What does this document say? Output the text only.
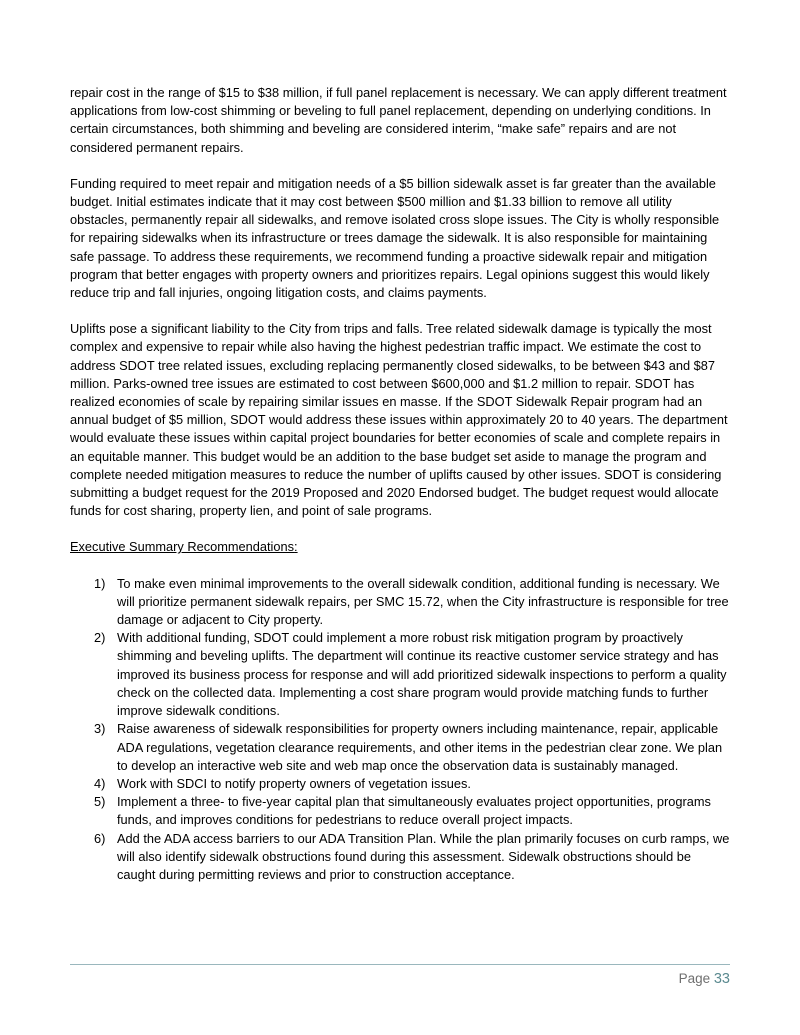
repair cost in the range of $15 to $38 million, if full panel replacement is necessary. We can apply different treatment applications from low-cost shimming or beveling to full panel replacement, depending on underlying conditions. In certain circumstances, both shimming and beveling are considered interim, “make safe” repairs and are not considered permanent repairs.

Funding required to meet repair and mitigation needs of a $5 billion sidewalk asset is far greater than the available budget. Initial estimates indicate that it may cost between $500 million and $1.33 billion to remove all utility obstacles, permanently repair all sidewalks, and remove isolated cross slope issues. The City is wholly responsible for repairing sidewalks when its infrastructure or trees damage the sidewalk. It is also responsible for maintaining safe passage. To address these requirements, we recommend funding a proactive sidewalk repair and mitigation program that better engages with property owners and prioritizes repairs. Legal opinions suggest this would likely reduce trip and fall injuries, ongoing litigation costs, and claims payments.

Uplifts pose a significant liability to the City from trips and falls. Tree related sidewalk damage is typically the most complex and expensive to repair while also having the highest pedestrian traffic impact. We estimate the cost to address SDOT tree related issues, excluding replacing permanently closed sidewalks, to be between $43 and $87 million. Parks-owned tree issues are estimated to cost between $600,000 and $1.2 million to repair. SDOT has realized economies of scale by repairing similar issues en masse. If the SDOT Sidewalk Repair program had an annual budget of $5 million, SDOT would address these issues within approximately 20 to 40 years. The department would evaluate these issues within capital project boundaries for better economies of scale and complete repairs in an equitable manner. This budget would be an addition to the base budget set aside to manage the program and complete needed mitigation measures to reduce the number of uplifts caused by other issues. SDOT is considering submitting a budget request for the 2019 Proposed and 2020 Endorsed budget. The budget request would allocate funds for cost sharing, property lien, and point of sale programs.

Executive Summary Recommendations:

1) To make even minimal improvements to the overall sidewalk condition, additional funding is necessary. We will prioritize permanent sidewalk repairs, per SMC 15.72, when the City infrastructure is responsible for tree damage or adjacent to City property.
2) With additional funding, SDOT could implement a more robust risk mitigation program by proactively shimming and beveling uplifts. The department will continue its reactive customer service strategy and has improved its business process for response and will add prioritized sidewalk inspections to perform a quality check on the collected data. Implementing a cost share program would provide matching funds to further improve sidewalk conditions.
3) Raise awareness of sidewalk responsibilities for property owners including maintenance, repair, applicable ADA regulations, vegetation clearance requirements, and other items in the pedestrian clear zone. We plan to develop an interactive web site and web map once the observation data is sustainably managed.
4) Work with SDCI to notify property owners of vegetation issues.
5) Implement a three- to five-year capital plan that simultaneously evaluates project opportunities, programs funds, and improves conditions for pedestrians to reduce overall project impacts.
6) Add the ADA access barriers to our ADA Transition Plan. While the plan primarily focuses on curb ramps, we will also identify sidewalk obstructions found during this assessment. Sidewalk obstructions should be caught during permitting reviews and prior to construction acceptance.
Page 33
